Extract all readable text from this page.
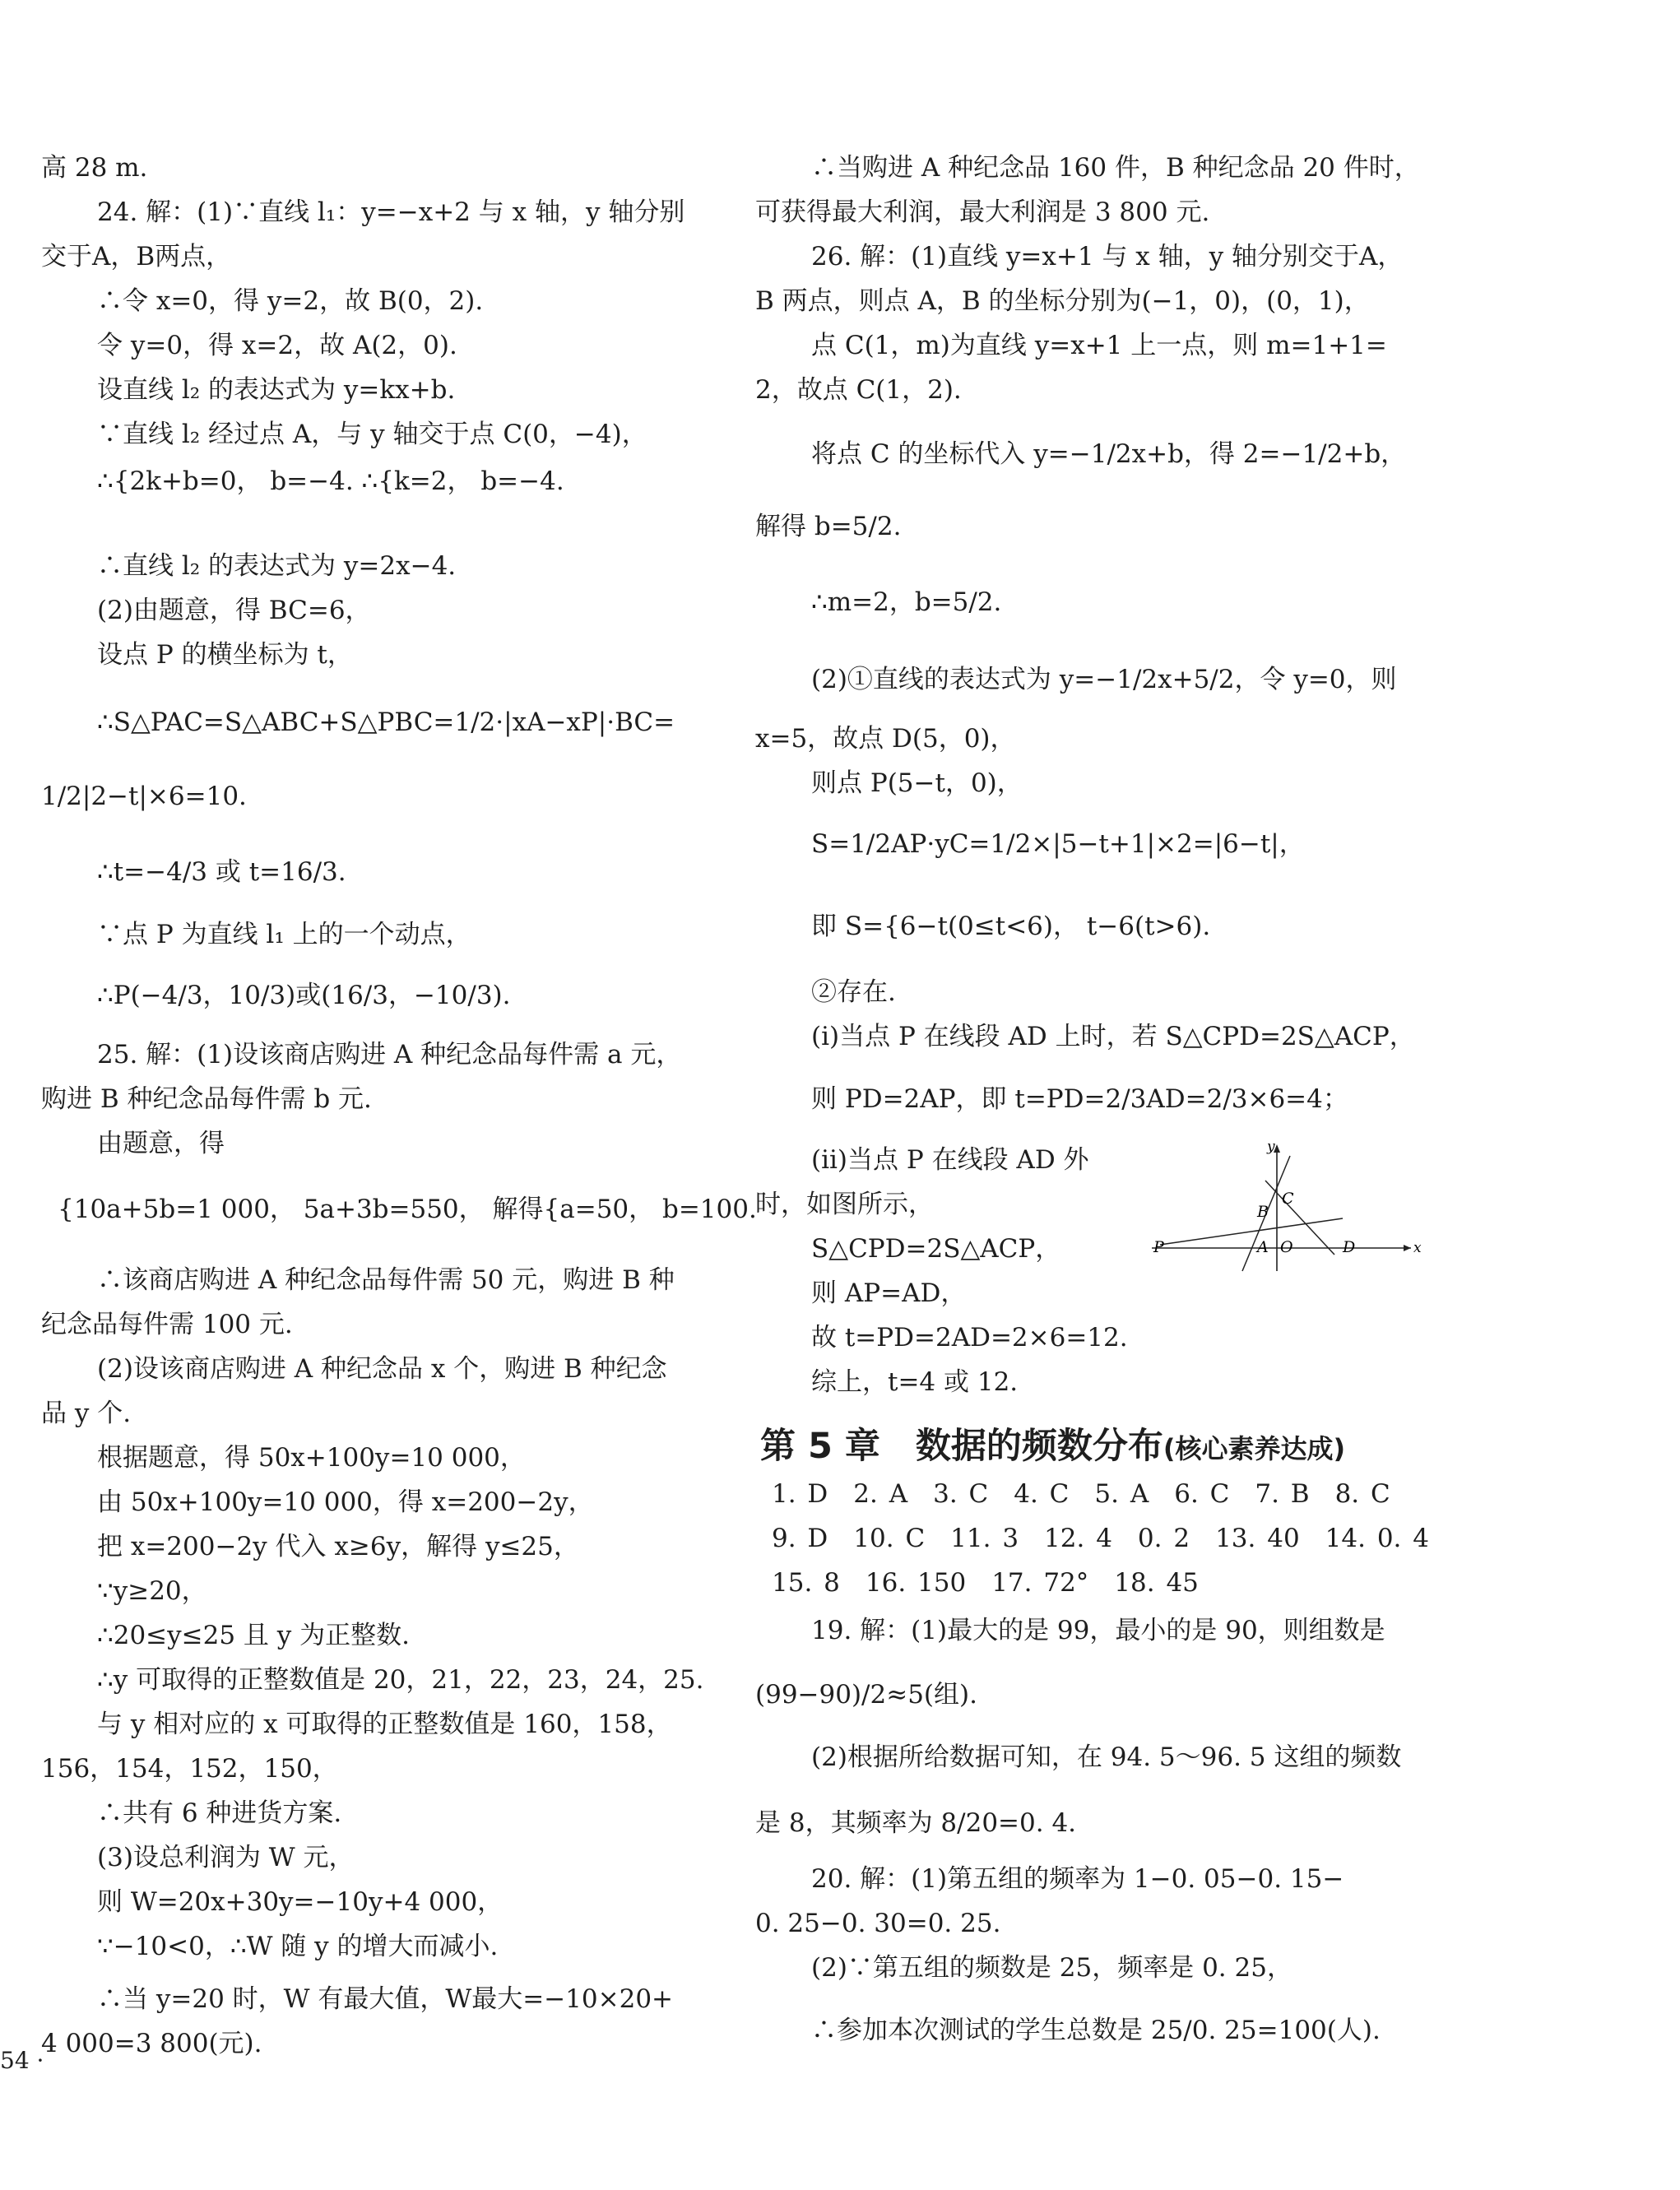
高 28 m.
24. 解：(1)∵直线 l₁：y=−x+2 与 x 轴，y 轴分别
交于A，B两点，
∴令 x=0，得 y=2，故 B(0，2).
令 y=0，得 x=2，故 A(2，0).
设直线 l₂ 的表达式为 y=kx+b.
∵直线 l₂ 经过点 A，与 y 轴交于点 C(0，−4)，
∴{2k+b=0， b=−4. ∴{k=2， b=−4.
∴直线 l₂ 的表达式为 y=2x−4.
(2)由题意，得 BC=6，
设点 P 的横坐标为 t，
∴S△PAC=S△ABC+S△PBC=1/2·|xA−xP|·BC=
1/2|2−t|×6=10.
∴t=−4/3 或 t=16/3.
∵点 P 为直线 l₁ 上的一个动点，
∴P(−4/3，10/3)或(16/3，−10/3).
25. 解：(1)设该商店购进 A 种纪念品每件需 a 元，
购进 B 种纪念品每件需 b 元.
由题意，得
{10a+5b=1 000， 5a+3b=550， 解得{a=50， b=100.
∴该商店购进 A 种纪念品每件需 50 元，购进 B 种
纪念品每件需 100 元.
(2)设该商店购进 A 种纪念品 x 个，购进 B 种纪念
品 y 个.
根据题意，得 50x+100y=10 000，
由 50x+100y=10 000，得 x=200−2y，
把 x=200−2y 代入 x≥6y，解得 y≤25，
∵y≥20，
∴20≤y≤25 且 y 为正整数.
∴y 可取得的正整数值是 20，21，22，23，24，25.
与 y 相对应的 x 可取得的正整数值是 160，158，
156，154，152，150，
∴共有 6 种进货方案.
(3)设总利润为 W 元，
则 W=20x+30y=−10y+4 000，
∵−10<0，∴W 随 y 的增大而减小.
∴当 y=20 时，W 有最大值，W最大=−10×20+
4 000=3 800(元).
∴当购进 A 种纪念品 160 件，B 种纪念品 20 件时，
可获得最大利润，最大利润是 3 800 元.
26. 解：(1)直线 y=x+1 与 x 轴，y 轴分别交于A，
B 两点，则点 A，B 的坐标分别为(−1，0)，(0，1)，
点 C(1，m)为直线 y=x+1 上一点，则 m=1+1=
2，故点 C(1，2).
将点 C 的坐标代入 y=−1/2x+b，得 2=−1/2+b，
解得 b=5/2.
∴m=2，b=5/2.
(2)①直线的表达式为 y=−1/2x+5/2，令 y=0，则
x=5，故点 D(5，0)，
则点 P(5−t，0)，
S=1/2AP·yC=1/2×|5−t+1|×2=|6−t|，
即 S={6−t(0≤t<6)， t−6(t>6).
②存在.
(ⅰ)当点 P 在线段 AD 上时，若 S△CPD=2S△ACP，
则 PD=2AP，即 t=PD=2/3AD=2/3×6=4；
(ⅱ)当点 P 在线段 AD 外
时，如图所示，
S△CPD=2S△ACP，
则 AP=AD，
故 t=PD=2AD=2×6=12.
综上，t=4 或 12.
第 5 章　数据的频数分布(核心素养达成)
1. D　2. A　3. C　4. C　5. A　6. C　7. B　8. C
9. D　10. C　11. 3　12. 4　0. 2　13. 40　14. 0. 4
15. 8　16. 150　17. 72°　18. 45
19. 解：(1)最大的是 99，最小的是 90，则组数是
(99−90)/2≈5(组).
(2)根据所给数据可知，在 94. 5～96. 5 这组的频数
是 8，其频率为 8/20=0. 4.
20. 解：(1)第五组的频率为 1−0. 05−0. 15−
0. 25−0. 30=0. 25.
(2)∵第五组的频数是 25，频率是 0. 25，
∴参加本次测试的学生总数是 25/0. 25=100(人).
y
x
C
B
P	A O	D
54 ·
